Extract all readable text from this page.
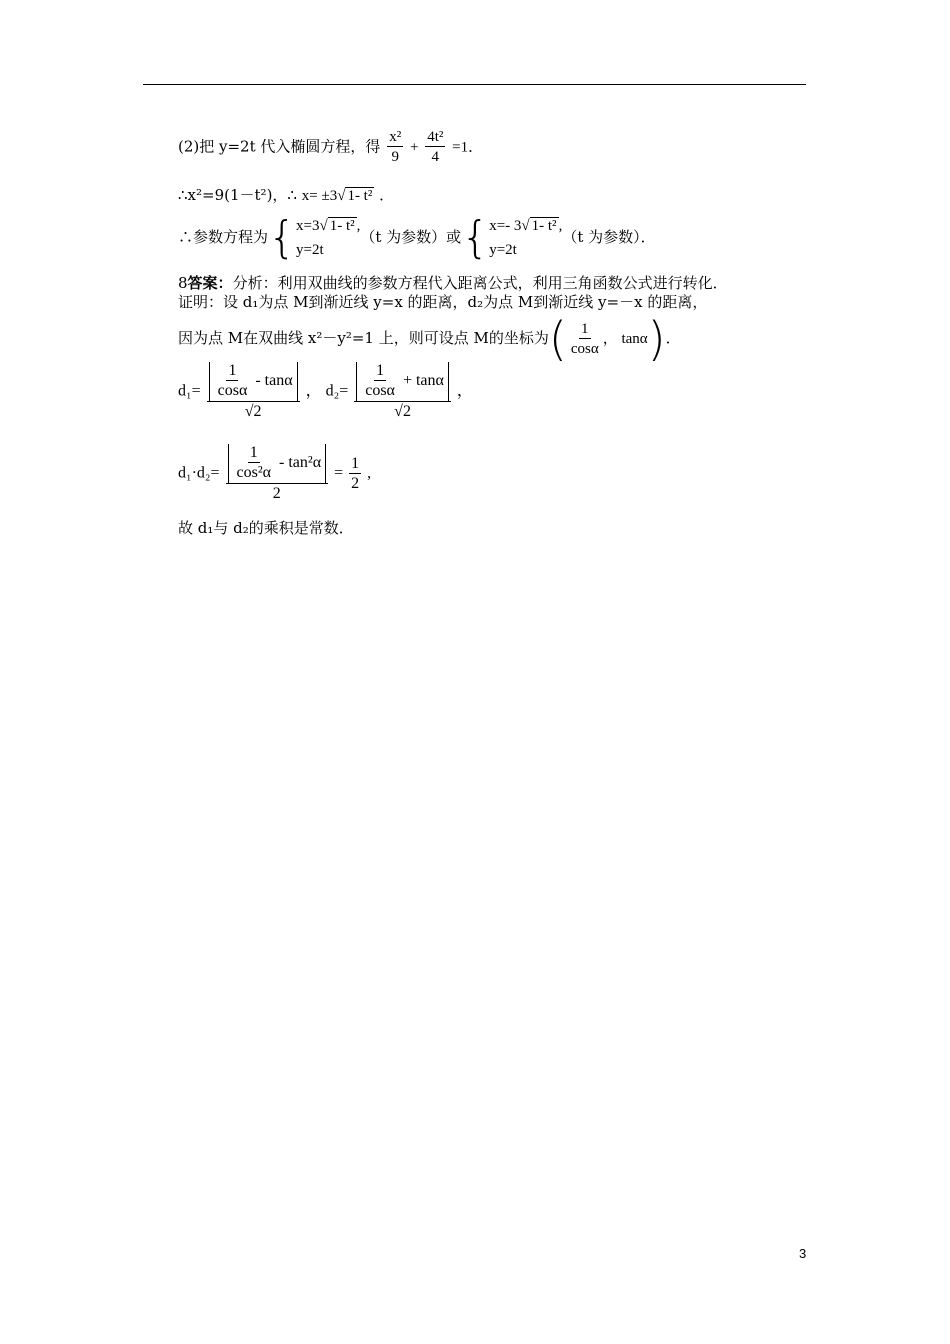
(2)把 y=2t 代入椭圆方程，得 $\frac{\text{x²}}{9} + \frac{\text{4t²}}{4} =1$．
∴x²=9(1－t²)，∴ x= ±3√ 1- t² ．
∴参数方程为{ x=3√ 1- t² ,
y=2t
（t 为参数）或{ x=- 3√ 1- t² ,
y=2t
（t 为参数）．
8答案：分析：利用双曲线的参数方程代入距离公式，利用三角函数公式进行转化．
证明：设 d₁为点 M到渐近线 y=x 的距离，d₂为点 M到渐近线 y=－x 的距离，
因为点 M在双曲线 x²－y²=1 上，则可设点 M的坐标为( $\frac{1}{\cos\alpha}$ ， tanα)．
$d_1= \frac{\frac{1}{\cos\alpha} - \tan\alpha}{√2}$ ， $d_2= \frac{\frac{1}{\cos\alpha} + \tan\alpha}{√2}$ ，
$d_1\cdot d_2= \frac{\frac{1}{\text{cos²α}} - \tan^2\alpha}{2} = \frac{1}{2}$ ,
故 d₁与 d₂的乘积是常数．
3
